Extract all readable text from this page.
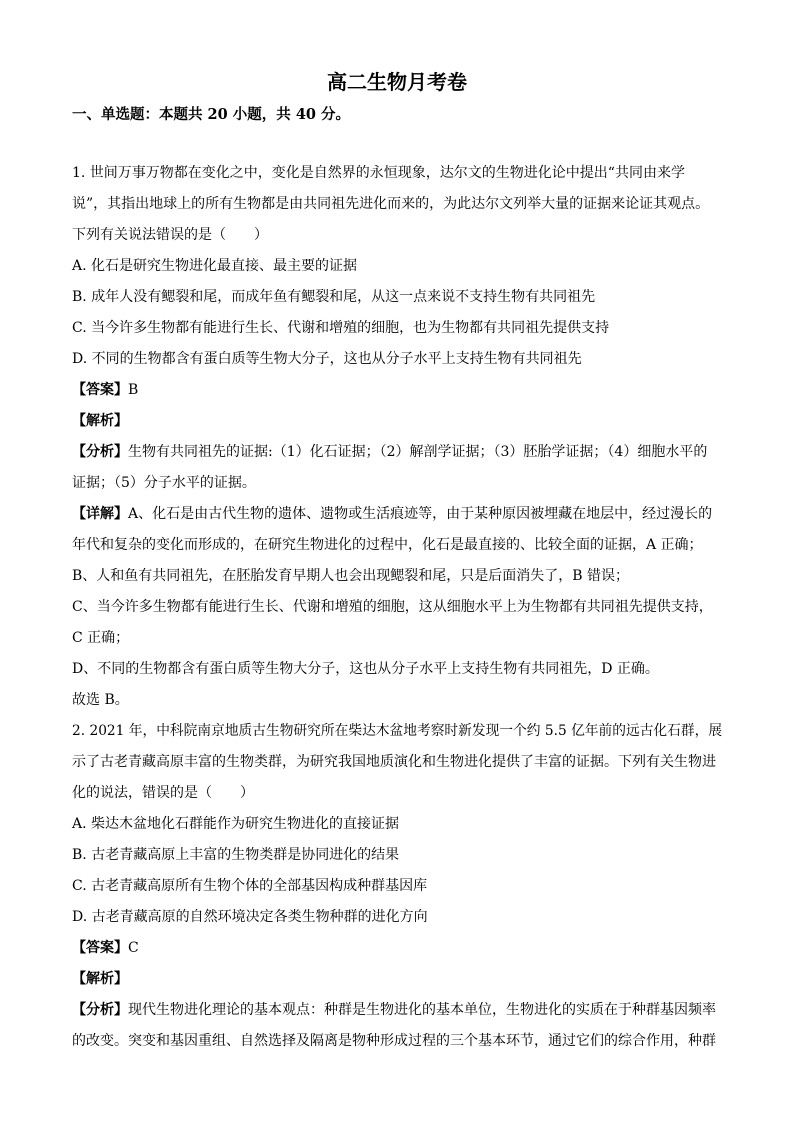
高二生物月考卷
一、单选题：本题共 20 小题，共 40 分。
1. 世间万事万物都在变化之中，变化是自然界的永恒现象，达尔文的生物进化论中提出“共同由来学
说”，其指出地球上的所有生物都是由共同祖先进化而来的，为此达尔文列举大量的证据来论证其观点。
下列有关说法错误的是（　　）
A. 化石是研究生物进化最直接、最主要的证据
B. 成年人没有鳃裂和尾，而成年鱼有鳃裂和尾，从这一点来说不支持生物有共同祖先
C. 当今许多生物都有能进行生长、代谢和增殖的细胞，也为生物都有共同祖先提供支持
D. 不同的生物都含有蛋白质等生物大分子，这也从分子水平上支持生物有共同祖先
【答案】B
【解析】
【分析】生物有共同祖先的证据:（1）化石证据；（2）解剖学证据；（3）胚胎学证据；（4）细胞水平的
证据；（5）分子水平的证据。
【详解】A、化石是由古代生物的遗体、遗物或生活痕迹等，由于某种原因被埋藏在地层中，经过漫长的
年代和复杂的变化而形成的，在研究生物进化的过程中，化石是最直接的、比较全面的证据，A 正确；
B、人和鱼有共同祖先，在胚胎发育早期人也会出现鳃裂和尾，只是后面消失了，B 错误；
C、当今许多生物都有能进行生长、代谢和增殖的细胞，这从细胞水平上为生物都有共同祖先提供支持，
C 正确；
D、不同的生物都含有蛋白质等生物大分子，这也从分子水平上支持生物有共同祖先，D 正确。
故选 B。
2. 2021 年，中科院南京地质古生物研究所在柴达木盆地考察时新发现一个约 5.5 亿年前的远古化石群，展
示了古老青藏高原丰富的生物类群，为研究我国地质演化和生物进化提供了丰富的证据。下列有关生物进
化的说法，错误的是（　　）
A. 柴达木盆地化石群能作为研究生物进化的直接证据
B. 古老青藏高原上丰富的生物类群是协同进化的结果
C. 古老青藏高原所有生物个体的全部基因构成种群基因库
D. 古老青藏高原的自然环境决定各类生物种群的进化方向
【答案】C
【解析】
【分析】现代生物进化理论的基本观点：种群是生物进化的基本单位，生物进化的实质在于种群基因频率
的改变。突变和基因重组、自然选择及隔离是物种形成过程的三个基本环节，通过它们的综合作用，种群
